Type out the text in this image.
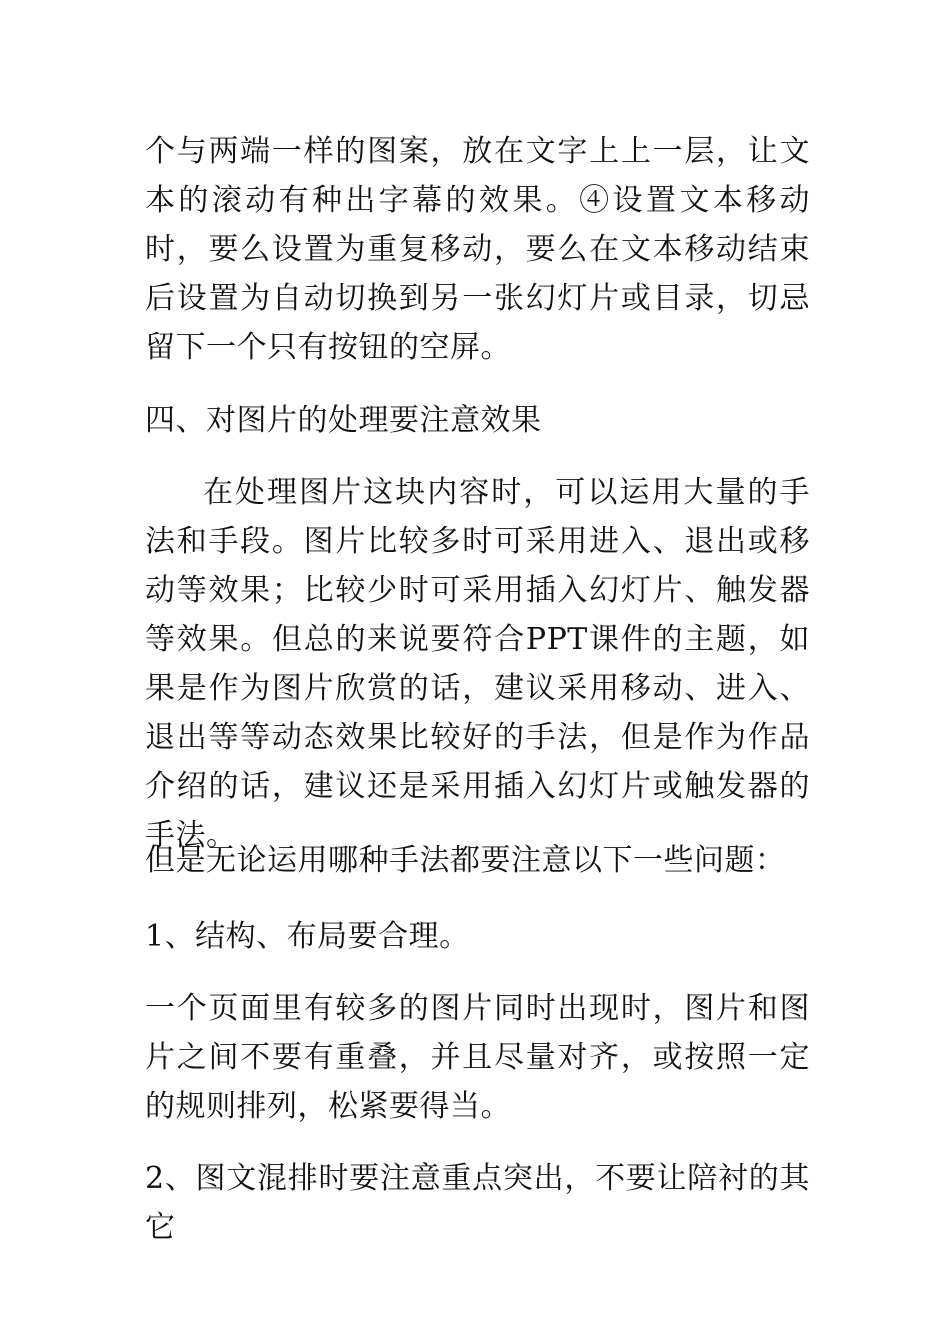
个与两端一样的图案，放在文字上上一层，让文本的滚动有种出字幕的效果。④设置文本移动时，要么设置为重复移动，要么在文本移动结束后设置为自动切换到另一张幻灯片或目录，切忌留下一个只有按钮的空屏。

四、对图片的处理要注意效果

在处理图片这块内容时，可以运用大量的手法和手段。图片比较多时可采用进入、退出或移动等效果；比较少时可采用插入幻灯片、触发器等效果。但总的来说要符合PPT课件的主题，如果是作为图片欣赏的话，建议采用移动、进入、退出等等动态效果比较好的手法，但是作为作品介绍的话，建议还是采用插入幻灯片或触发器的手法。

但是无论运用哪种手法都要注意以下一些问题：

1、结构、布局要合理。

一个页面里有较多的图片同时出现时，图片和图片之间不要有重叠，并且尽量对齐，或按照一定的规则排列，松紧要得当。

2、图文混排时要注意重点突出，不要让陪衬的其它
